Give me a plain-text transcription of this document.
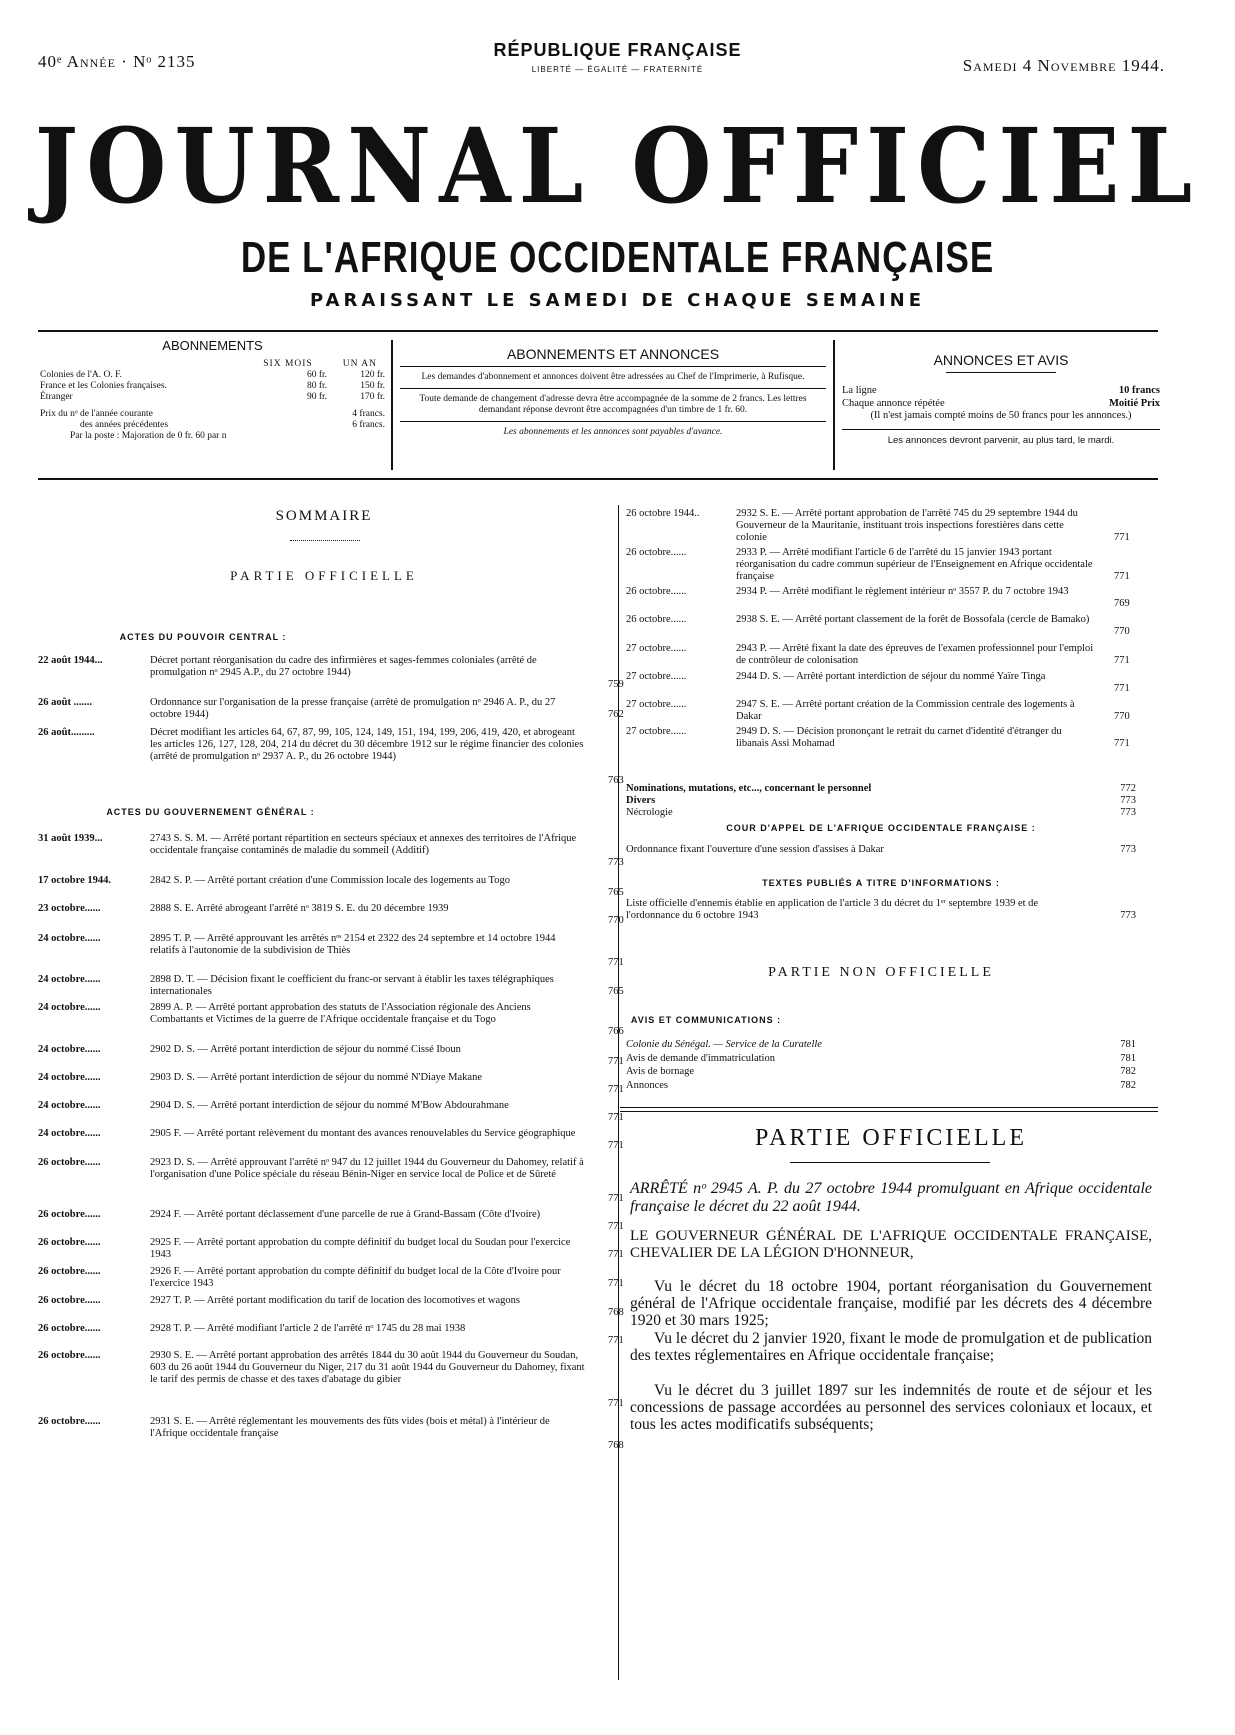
40ᵉ Année · Nᵒ 2135
RÉPUBLIQUE FRANÇAISE
LIBERTÉ — ÉGALITÉ — FRATERNITÉ	Samedi 4 Novembre 1944.
JOURNAL OFFICIEL
DE L'AFRIQUE OCCIDENTALE FRANÇAISE
PARAISSANT LE SAMEDI DE CHAQUE SEMAINE
ABONNEMENTS
SIX MOIS	UN AN
Colonies de l'A. O. F.	60 fr.	120 fr.
France et les Colonies françaises.	80 fr.	150 fr.
Étranger	90 fr.	170 fr.
Prix du nᵒ de l'année courante	4 francs.
des années précédentes	6 francs.
Par la poste : Majoration de 0 fr. 60 par n
ABONNEMENTS ET ANNONCES
Les demandes d'abonnement et annonces doivent être adressées au Chef de l'Imprimerie, à Rufisque.
Toute demande de changement d'adresse devra être accompagnée de la somme de 2 francs. Les lettres demandant réponse devront être accompagnées d'un timbre de 1 fr. 60.
Les abonnements et les annonces sont payables d'avance.
ANNONCES ET AVIS
La ligne	10 francs
Chaque annonce répétée	Moitié Prix
(Il n'est jamais compté moins de 50 francs pour les annonces.)
Les annonces devront parvenir, au plus tard, le mardi.
SOMMAIRE
PARTIE OFFICIELLE
ACTES DU POUVOIR CENTRAL :
22 août 1944...	Décret portant réorganisation du cadre des infirmières et sages-femmes coloniales (arrêté de promulgation nᵒ 2945 A.P., du 27 octobre 1944)
759
26 août .......	Ordonnance sur l'organisation de la presse française (arrêté de promulgation nᵒ 2946 A. P., du 27 octobre 1944)	762
26 août.........	Décret modifiant les articles 64, 67, 87, 99, 105, 124, 149, 151, 194, 199, 206, 419, 420, et abrogeant les articles 126, 127, 128, 204, 214 du décret du 30 décembre 1912 sur le régime financier des colonies (arrêté de promulgation nᵒ 2937 A. P., du 26 octobre 1944)
763
ACTES DU GOUVERNEMENT GÉNÉRAL :
31 août 1939...	2743 S. S. M. — Arrêté portant répartition en secteurs spéciaux et annexes des territoires de l'Afrique occidentale française contaminés de maladie du sommeil (Additif)
773
17 octobre 1944.	2842 S. P. — Arrêté portant création d'une Commission locale des logements au Togo
765
23 octobre......	2888 S. E. Arrêté abrogeant l'arrêté nᵒ 3819 S. E. du 20 décembre 1939
770
24 octobre......	2895 T. P. — Arrêté approuvant les arrêtés nᵒˢ 2154 et 2322 des 24 septembre et 14 octobre 1944 relatifs à l'autonomie de la subdivision de Thiès
771
24 octobre......	2898 D. T. — Décision fixant le coefficient du franc-or servant à établir les taxes télégraphiques internationales	765
24 octobre......	2899 A. P. — Arrêté portant approbation des statuts de l'Association régionale des Anciens Combattants et Victimes de la guerre de l'Afrique occidentale française et du Togo
766
24 octobre......	2902 D. S. — Arrêté portant interdiction de séjour du nommé Cissé Iboun
771
24 octobre......	2903 D. S. — Arrêté portant interdiction de séjour du nommé N'Diaye Makane
771
24 octobre......	2904 D. S. — Arrêté portant interdiction de séjour du nommé M'Bow Abdourahmane
771
24 octobre......	2905 F. — Arrêté portant relèvement du montant des avances renouvelables du Service géographique
771
26 octobre......	2923 D. S. — Arrêté approuvant l'arrêté nᵒ 947 du 12 juillet 1944 du Gouverneur du Dahomey, relatif à l'organisation d'une Police spéciale du réseau Bénin-Niger en service local de Police et de Sûreté
771
26 octobre......	2924 F. — Arrêté portant déclassement d'une parcelle de rue à Grand-Bassam (Côte d'Ivoire)
771
26 octobre......	2925 F. — Arrêté portant approbation du compte définitif du budget local du Soudan pour l'exercice 1943	771
26 octobre......	2926 F. — Arrêté portant approbation du compte définitif du budget local de la Côte d'Ivoire pour l'exercice 1943	771
26 octobre......	2927 T. P. — Arrêté portant modification du tarif de location des locomotives et wagons
768
26 octobre......	2928 T. P. — Arrêté modifiant l'article 2 de l'arrêté nᵒ 1745 du 28 mai 1938
771
26 octobre......	2930 S. E. — Arrêté portant approbation des arrêtés 1844 du 30 août 1944 du Gouverneur du Soudan, 603 du 26 août 1944 du Gouverneur du Niger, 217 du 31 août 1944 du Gouverneur du Dahomey, fixant le tarif des permis de chasse et des taxes d'abatage du gibier
771
26 octobre......	2931 S. E. — Arrêté réglementant les mouvements des fûts vides (bois et métal) à l'intérieur de l'Afrique occidentale française
768
26 octobre 1944..	2932 S. E. — Arrêté portant approbation de l'arrêté 745 du 29 septembre 1944 du Gouverneur de la Mauritanie, instituant trois inspections forestières dans cette colonie	771
26 octobre......	2933 P. — Arrêté modifiant l'article 6 de l'arrêté du 15 janvier 1943 portant réorganisation du cadre commun supérieur de l'Enseignement en Afrique occidentale française	771
26 octobre......	2934 P. — Arrêté modifiant le règlement intérieur nᵒ 3557 P. du 7 octobre 1943
769
26 octobre......	2938 S. E. — Arrêté portant classement de la forêt de Bossofala (cercle de Bamako)
770
27 octobre......	2943 P. — Arrêté fixant la date des épreuves de l'examen professionnel pour l'emploi de contrôleur de colonisation	771
27 octobre......	2944 D. S. — Arrêté portant interdiction de séjour du nommé Yaïre Tinga
771
27 octobre......	2947 S. E. — Arrêté portant création de la Commission centrale des logements à Dakar	770
27 octobre......	2949 D. S. — Décision prononçant le retrait du carnet d'identité d'étranger du libanais Assi Mohamad	771
Nominations, mutations, etc..., concernant le personnel	772
Divers	773
Nécrologie	773
COUR D'APPEL DE L'AFRIQUE OCCIDENTALE FRANÇAISE :
Ordonnance fixant l'ouverture d'une session d'assises à Dakar	773
TEXTES PUBLIÉS A TITRE D'INFORMATIONS :
Liste officielle d'ennemis établie en application de l'article 3 du décret du 1ᵉʳ septembre 1939 et de l'ordonnance du 6 octobre 1943	773
PARTIE NON OFFICIELLE
AVIS ET COMMUNICATIONS :
Colonie du Sénégal. — Service de la Curatelle	781
Avis de demande d'immatriculation	781
Avis de bornage	782
Annonces	782
PARTIE OFFICIELLE
ARRÊTÉ nᵒ 2945 A. P. du 27 octobre 1944 promulguant en Afrique occidentale française le décret du 22 août 1944.
LE GOUVERNEUR GÉNÉRAL DE L'AFRIQUE OCCIDENTALE FRANÇAISE, CHEVALIER DE LA LÉGION D'HONNEUR,
Vu le décret du 18 octobre 1904, portant réorganisation du Gouvernement général de l'Afrique occidentale française, modifié par les décrets des 4 décembre 1920 et 30 mars 1925;
Vu le décret du 2 janvier 1920, fixant le mode de promulgation et de publication des textes réglementaires en Afrique occidentale française;
Vu le décret du 3 juillet 1897 sur les indemnités de route et de séjour et les concessions de passage accordées au personnel des services coloniaux et locaux, et tous les actes modificatifs subséquents;
